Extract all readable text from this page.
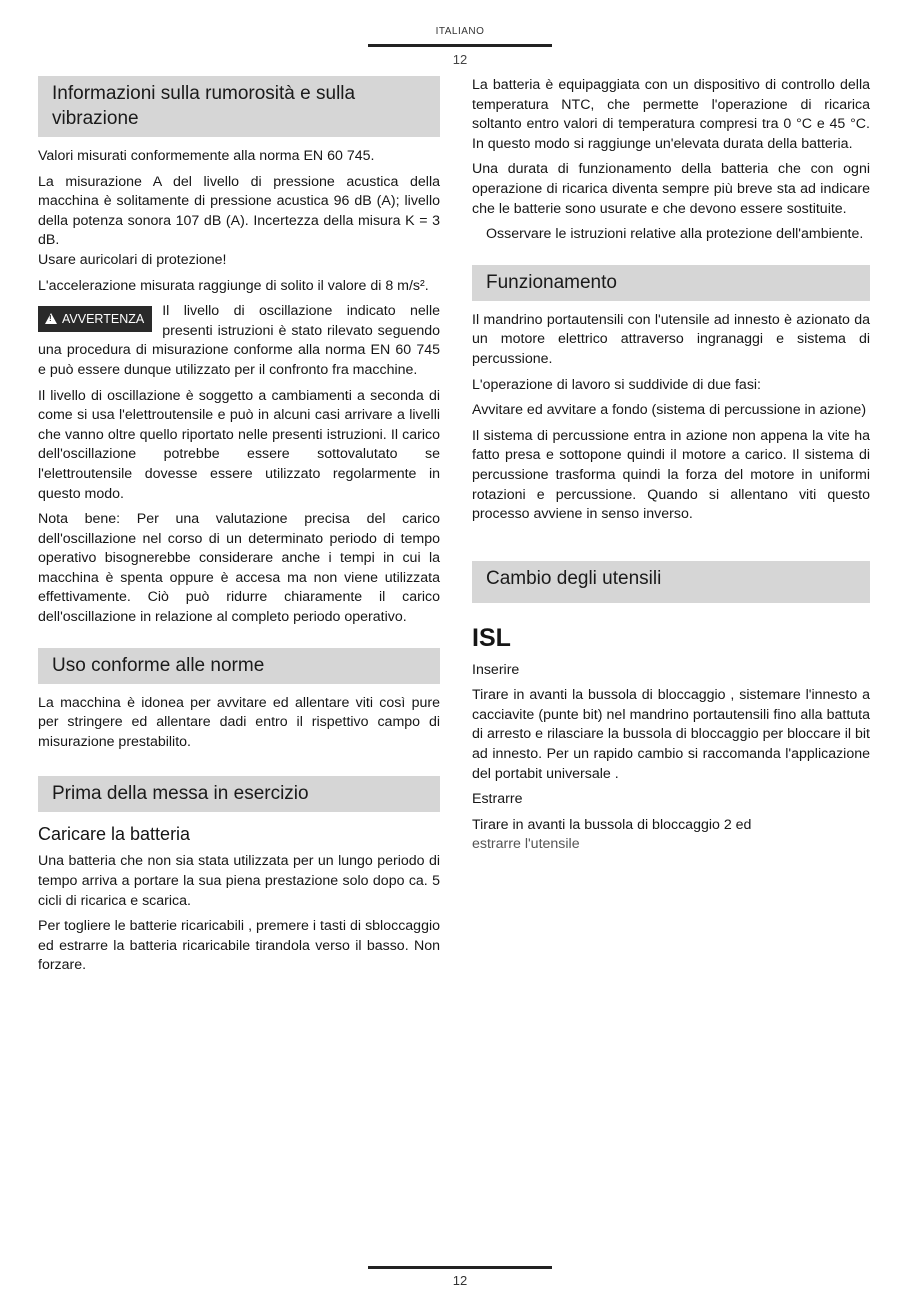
ITALIANO
12
Informazioni sulla rumorosità e sulla vibrazione

Valori misurati conformemente alla norma EN 60 745.

La misurazione A del livello di pressione acustica della macchina è solitamente di pressione acustica 96 dB (A); livello della potenza sonora 107 dB (A). Incertezza della misura K = 3 dB.

Usare auricolari di protezione!

L'accelerazione misurata raggiunge di solito il valore di 8 m/s².

!AVVERTENZA	Il livello di oscillazione indicato nelle presenti istruzioni è stato rilevato seguendo una procedura di misurazione conforme alla norma EN 60 745 e può essere dunque utilizzato per il confronto fra macchine.

Il livello di oscillazione è soggetto a cambiamenti a seconda di come si usa l'elettroutensile e può in alcuni casi arrivare a livelli che vanno oltre quello riportato nelle presenti istruzioni. Il carico dell'oscillazione potrebbe essere sottovalutato se l'elettroutensile dovesse essere utilizzato regolarmente in questo modo.

Nota bene: Per una valutazione precisa del carico dell'oscillazione nel corso di un determinato periodo di tempo operativo bisognerebbe considerare anche i tempi in cui la macchina è spenta oppure è accesa ma non viene utilizzata effettivamente. Ciò può ridurre chiaramente il carico dell'oscillazione in relazione al completo periodo operativo.

Uso conforme alle norme

La macchina è idonea per avvitare ed allentare viti così pure per stringere ed allentare dadi entro il rispettivo campo di misurazione prestabilito.

Prima della messa in esercizio
Caricare la batteria

Una batteria che non sia stata utilizzata per un lungo periodo di tempo arriva a portare la sua piena prestazione solo dopo ca. 5 cicli di ricarica e scarica.

Per togliere le batterie ricaricabili , premere i tasti di sbloccaggio ed estrarre la batteria ricaricabile tirandola verso il basso. Non forzare.

La batteria è equipaggiata con un dispositivo di controllo della temperatura NTC, che permette l'operazione di ricarica soltanto entro valori di temperatura compresi tra 0 °C e 45 °C. In questo modo si raggiunge un'elevata durata della batteria.

Una durata di funzionamento della batteria che con ogni operazione di ricarica diventa sempre più breve sta ad indicare che le batterie sono usurate e che devono essere sostituite.

Osservare le istruzioni relative alla protezione dell'ambiente.

Funzionamento

Il mandrino portautensili con l'utensile ad innesto è azionato da un motore elettrico attraverso ingranaggi e sistema di percussione.

L'operazione di lavoro si suddivide di due fasi:

Avvitare ed avvitare a fondo (sistema di percussione in azione)

Il sistema di percussione entra in azione non appena la vite ha fatto presa e sottopone quindi il motore a carico. Il sistema di percussione trasforma quindi la forza del motore in uniformi rotazioni e percussione. Quando si allentano viti questo processo avviene in senso inverso.

Cambio degli utensili
ISL
Inserire

Tirare in avanti la bussola di bloccaggio , sistemare l'innesto a cacciavite (punte bit) nel mandrino portautensili fino alla battuta di arresto e rilasciare la bussola di bloccaggio per bloccare il bit ad innesto. Per un rapido cambio si raccomanda l'applicazione del portabit universale .

Estrarre

Tirare in avanti la bussola di bloccaggio 2 ed

estrarre l'utensile

12
